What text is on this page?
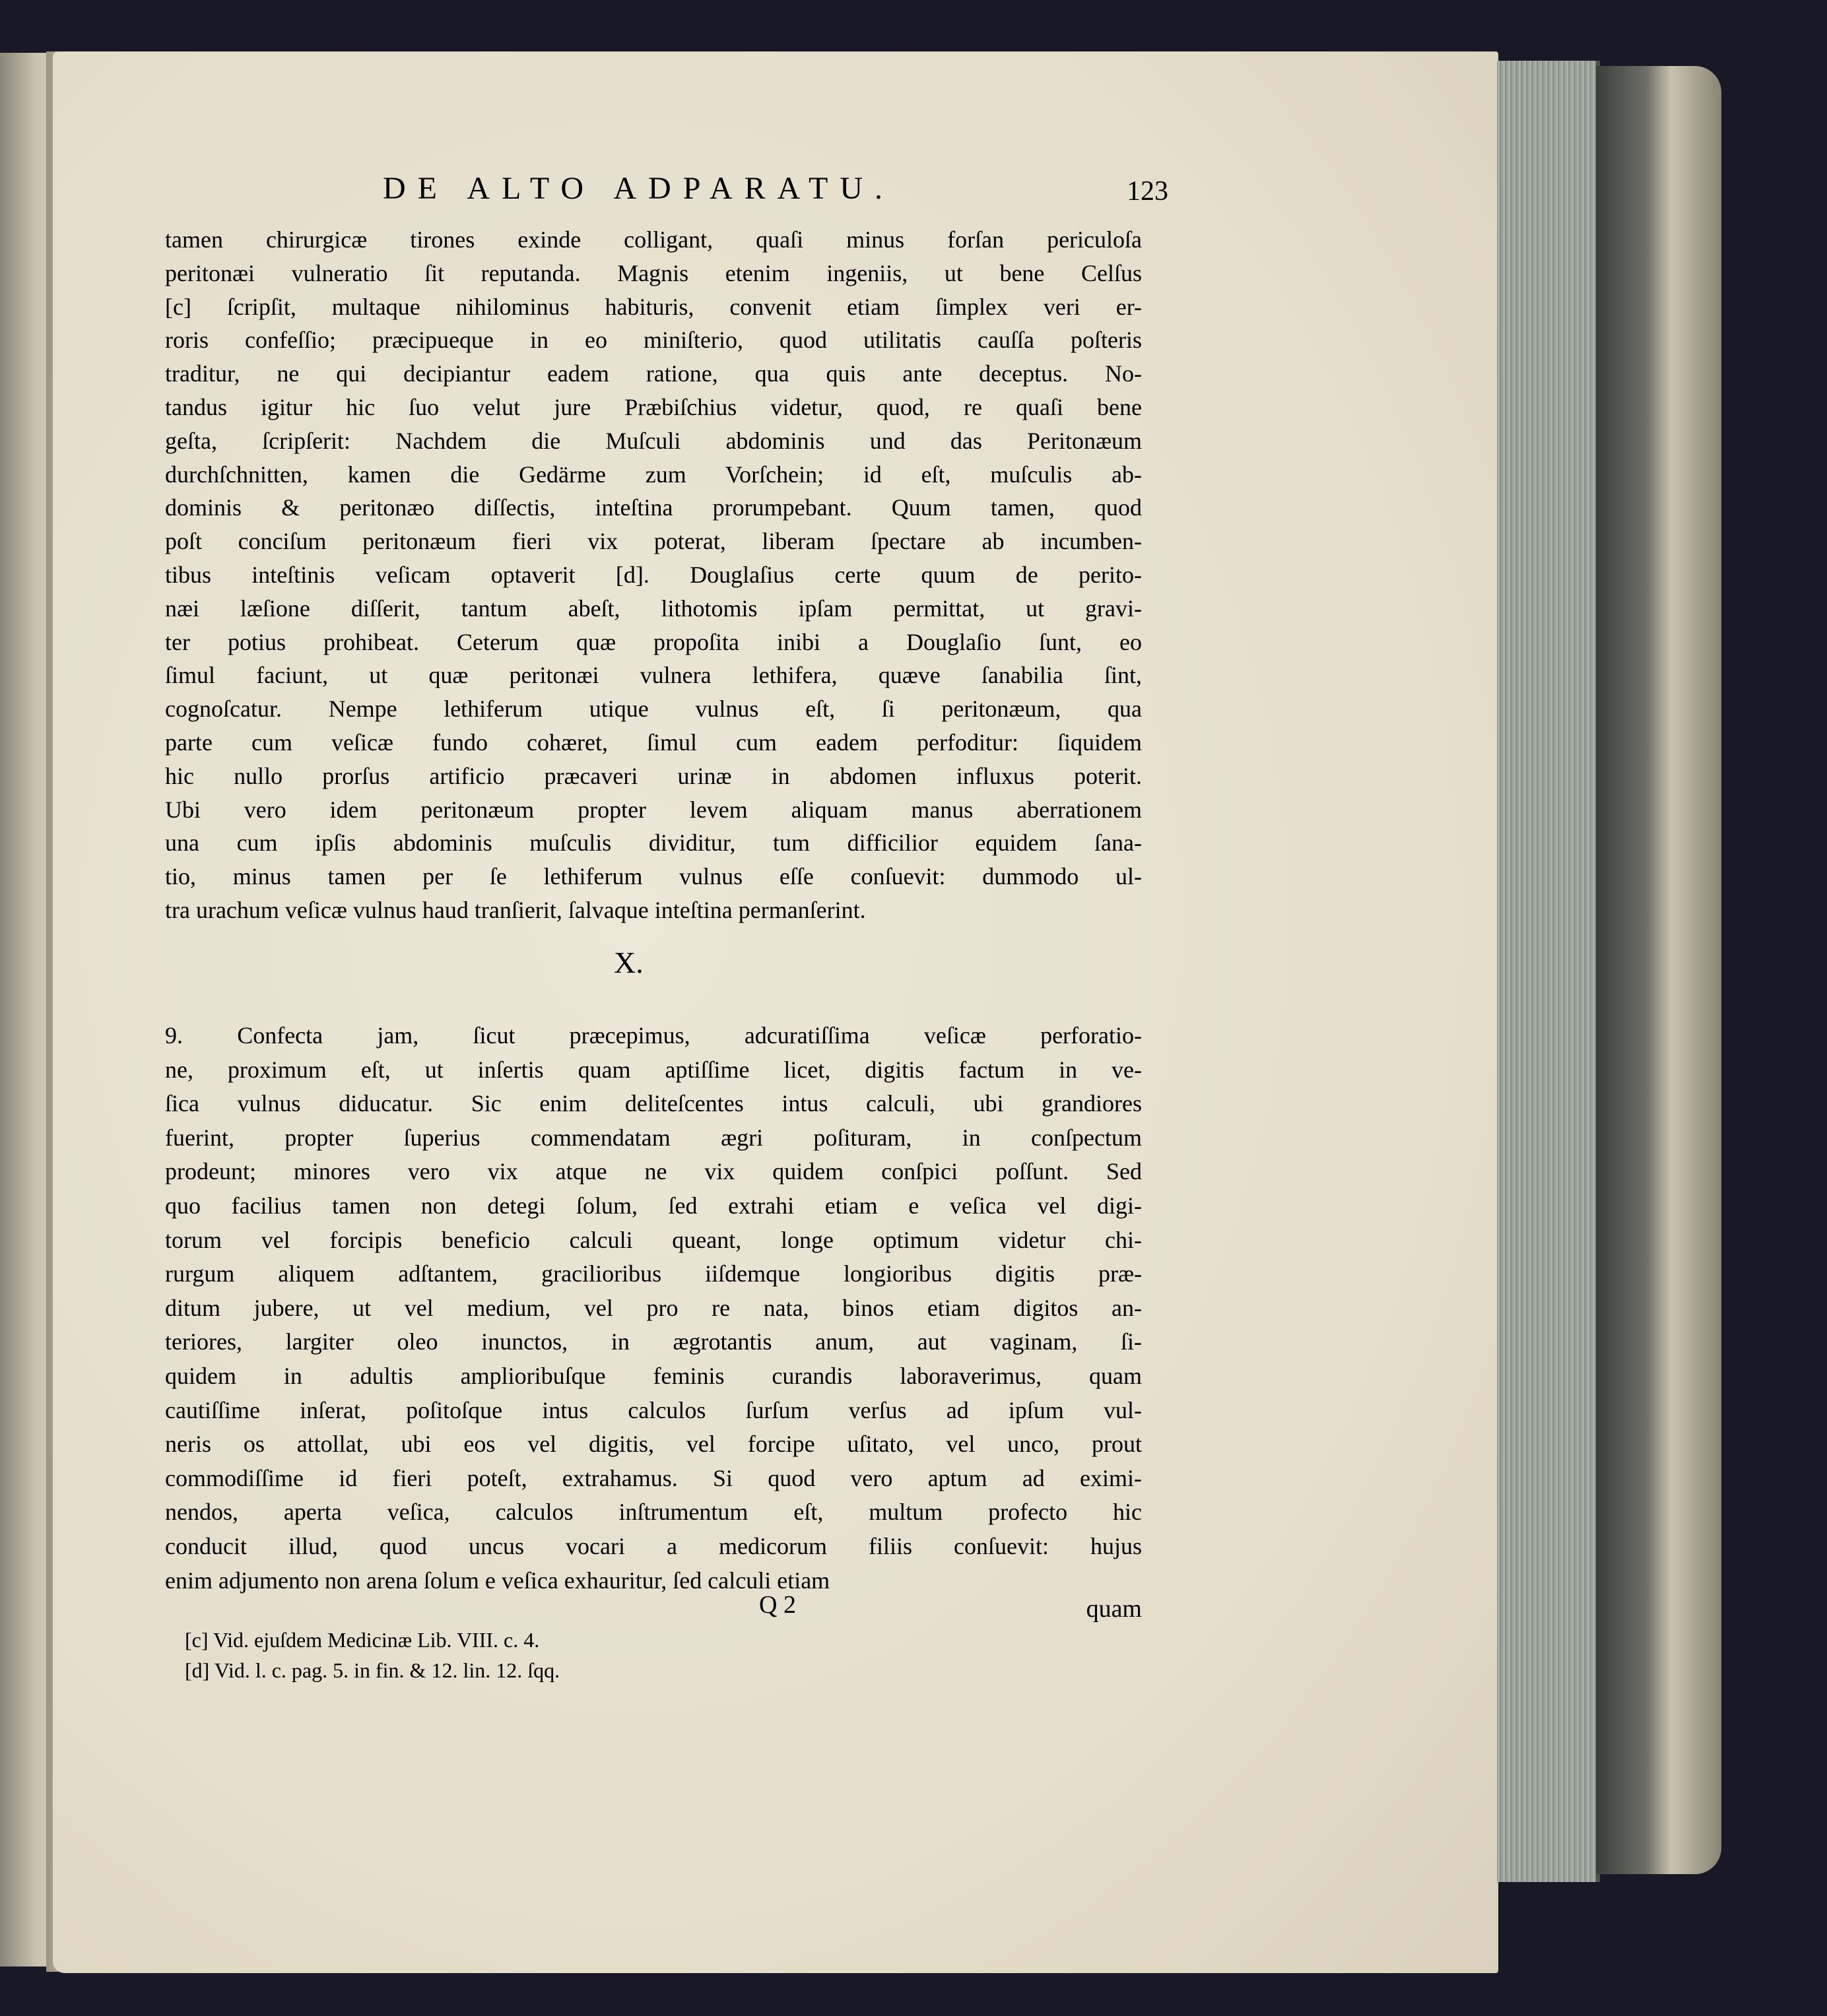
DE ALTO ADPARATU.	123
tamen chirurgicæ tirones exinde colligant, quaſi minus forſan periculoſa
peritonæi vulneratio ſit reputanda. Magnis etenim ingeniis, ut bene Celſus
[c] ſcripſit, multaque nihilominus habituris, convenit etiam ſimplex veri er-
roris confeſſio; præcipueque in eo miniſterio, quod utilitatis cauſſa poſteris
traditur, ne qui decipiantur eadem ratione, qua quis ante deceptus. No-
tandus igitur hic ſuo velut jure Præbiſchius videtur, quod, re quaſi bene
geſta, ſcripſerit: Nachdem die Muſculi abdominis und das Peritonæum
durchſchnitten, kamen die Gedärme zum Vorſchein; id eſt, muſculis ab-
dominis & peritonæo diſſectis, inteſtina prorumpebant. Quum tamen, quod
poſt conciſum peritonæum fieri vix poterat, liberam ſpectare ab incumben-
tibus inteſtinis veſicam optaverit [d]. Douglaſius certe quum de perito-
næi læſione diſſerit, tantum abeſt, lithotomis ipſam permittat, ut gravi-
ter potius prohibeat. Ceterum quæ propoſita inibi a Douglaſio ſunt, eo
ſimul faciunt, ut quæ peritonæi vulnera lethifera, quæve ſanabilia ſint,
cognoſcatur. Nempe lethiferum utique vulnus eſt, ſi peritonæum, qua
parte cum veſicæ fundo cohæret, ſimul cum eadem perfoditur: ſiquidem
hic nullo prorſus artificio præcaveri urinæ in abdomen influxus poterit.
Ubi vero idem peritonæum propter levem aliquam manus aberrationem
una cum ipſis abdominis muſculis dividitur, tum difficilior equidem ſana-
tio, minus tamen per ſe lethiferum vulnus eſſe conſuevit: dummodo ul-
tra urachum veſicæ vulnus haud tranſierit, ſalvaque inteſtina permanſerint.
X.
9. Confecta jam, ſicut præcepimus, adcuratiſſima veſicæ perforatio-
ne, proximum eſt, ut inſertis quam aptiſſime licet, digitis factum in ve-
ſica vulnus diducatur. Sic enim deliteſcentes intus calculi, ubi grandiores
fuerint, propter ſuperius commendatam ægri poſituram, in conſpectum
prodeunt; minores vero vix atque ne vix quidem conſpici poſſunt. Sed
quo facilius tamen non detegi ſolum, ſed extrahi etiam e veſica vel digi-
torum vel forcipis beneficio calculi queant, longe optimum videtur chi-
rurgum aliquem adſtantem, gracilioribus iiſdemque longioribus digitis præ-
ditum jubere, ut vel medium, vel pro re nata, binos etiam digitos an-
teriores, largiter oleo inunctos, in ægrotantis anum, aut vaginam, ſi-
quidem in adultis amplioribuſque feminis curandis laboraverimus, quam
cautiſſime inſerat, poſitoſque intus calculos ſurſum verſus ad ipſum vul-
neris os attollat, ubi eos vel digitis, vel forcipe uſitato, vel unco, prout
commodiſſime id fieri poteſt, extrahamus. Si quod vero aptum ad eximi-
nendos, aperta veſica, calculos inſtrumentum eſt, multum profecto hic
conducit illud, quod uncus vocari a medicorum filiis conſuevit: hujus
enim adjumento non arena ſolum e veſica exhauritur, ſed calculi etiam
Q 2	quam
[c] Vid. ejuſdem Medicinæ Lib. VIII. c. 4.
[d] Vid. l. c. pag. 5. in fin. & 12. lin. 12. ſqq.
